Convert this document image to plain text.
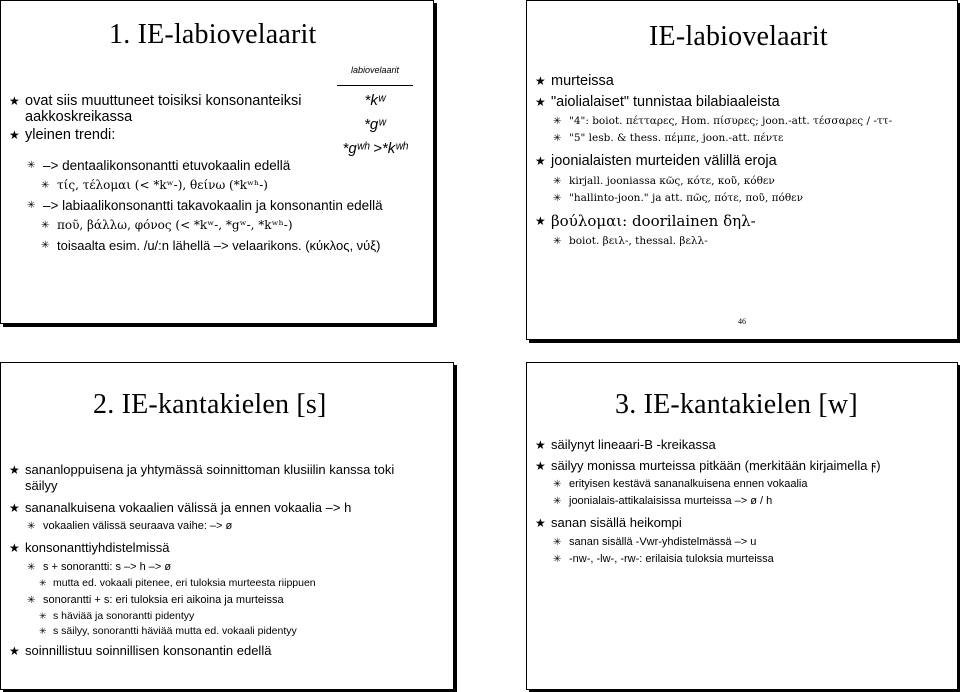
1. IE-labiovelaarit
labiovelaarit
*kʷ
*gʷ
*gʷʰ >*kʷʰ
★ ovat siis muuttuneet toisiksi konsonanteiksi aakkoskreikassa
★ yleinen trendi:
✳ –> dentaalikonsonantti etuvokaalin edellä
✳ τίς, τέλομαι (< *kʷ-), θείνω (*kʷʰ-)
✳ –> labiaalikonsonantti takavokaalin ja konsonantin edellä
✳ ποῦ, βάλλω, φόνος (< *kʷ-, *gʷ-, *kʷʰ-)
✳ toisaalta esim. /u/:n lähellä –> velaarikons. (κύκλος, νύξ)
IE-labiovelaarit
★ murteissa
★ "aiolialaiset" tunnistaa bilabiaaleista
✳ "4": boiot. πέτταρες, Hom. πίσυρες; joon.-att. τέσσαρες / -ττ-
✳ "5" lesb. & thess. πέμπε, joon.-att. πέντε
★ joonialaisten murteiden välillä eroja
✳ kirjall. jooniassa κῶς, κότε, κοῦ, κόθεν
✳ "hallinto-joon." ja att. πῶς, πότε, ποῦ, πόθεν
★ βούλομαι: doorilainen δηλ-
✳ boiot. βειλ-, thessal. βελλ-
46
2. IE-kantakielen [s]
★ sananloppuisena ja yhtymässä soinnittoman klusiilin kanssa toki säilyy
★ sananalkuisena vokaalien välissä ja ennen vokaalia –> h
✳ vokaalien välissä seuraava vaihe: –> ø
★ konsonanttiyhdistelmissä
✳ s + sonorantti: s –> h –> ø
✳ mutta ed. vokaali pitenee, eri tuloksia murteesta riippuen
✳ sonorantti + s: eri tuloksia eri aikoina ja murteissa
✳ s häviää ja sonorantti pidentyy
✳ s säilyy, sonorantti häviää mutta ed. vokaali pidentyy
★ soinnillistuu soinnillisen konsonantin edellä
3. IE-kantakielen [w]
★ säilynyt lineaari-B -kreikassa
★ säilyy monissa murteissa pitkään (merkitään kirjaimella ϝ)
✳ erityisen kestävä sananalkuisena ennen vokaalia
✳ joonialais-attikalaisissa murteissa –> ø / h
★ sanan sisällä heikompi
✳ sanan sisällä -Vwr-yhdistelmässä –> u
✳ -nw-, -lw-, -rw-: erilaisia tuloksia murteissa
